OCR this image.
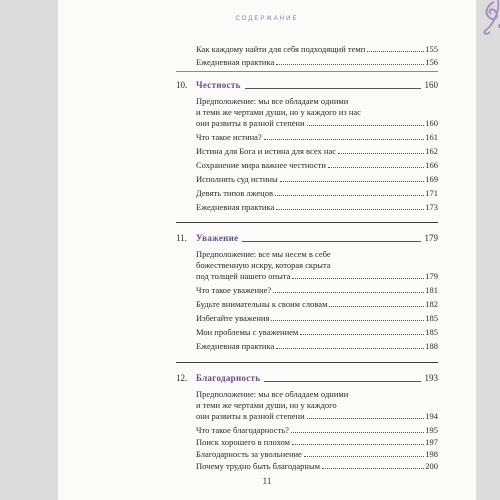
СОДЕРЖАНИЕ
Как каждому найти для себя подходящий темп	155
Ежедневная практика	156
10. Честность	160
Предположение: мы все обладаем одними
и теми же чертами души, но у каждого из нас
они развиты в разной степени	160
Что такое истина?	161
Истина для Бога и истина для всех нас	162
Сохранение мира важнее честности	166
Исполнять суд истины	169
Девять типов лжецов	171
Ежедневная практика	173
11.	Уважение	179
Предположение: все мы несем в себе
божественную искру, которая скрыта
под толщей нашего опыта	179
Что такое уважение?	181
Будьте внимательны к своим словам	182
Избегайте уважения	185
Мои проблемы с уважением	185
Ежедневная практика	188
12. Благодарность	193
Предположение: мы все обладаем одними
и теми же чертами души, но у каждого
они развиты в разной степени	194
Что такое благодарность?	195
Поиск хорошего в плохом	197
Благодарность за увольнение	198
Почему трудно быть благодарным	200
11
